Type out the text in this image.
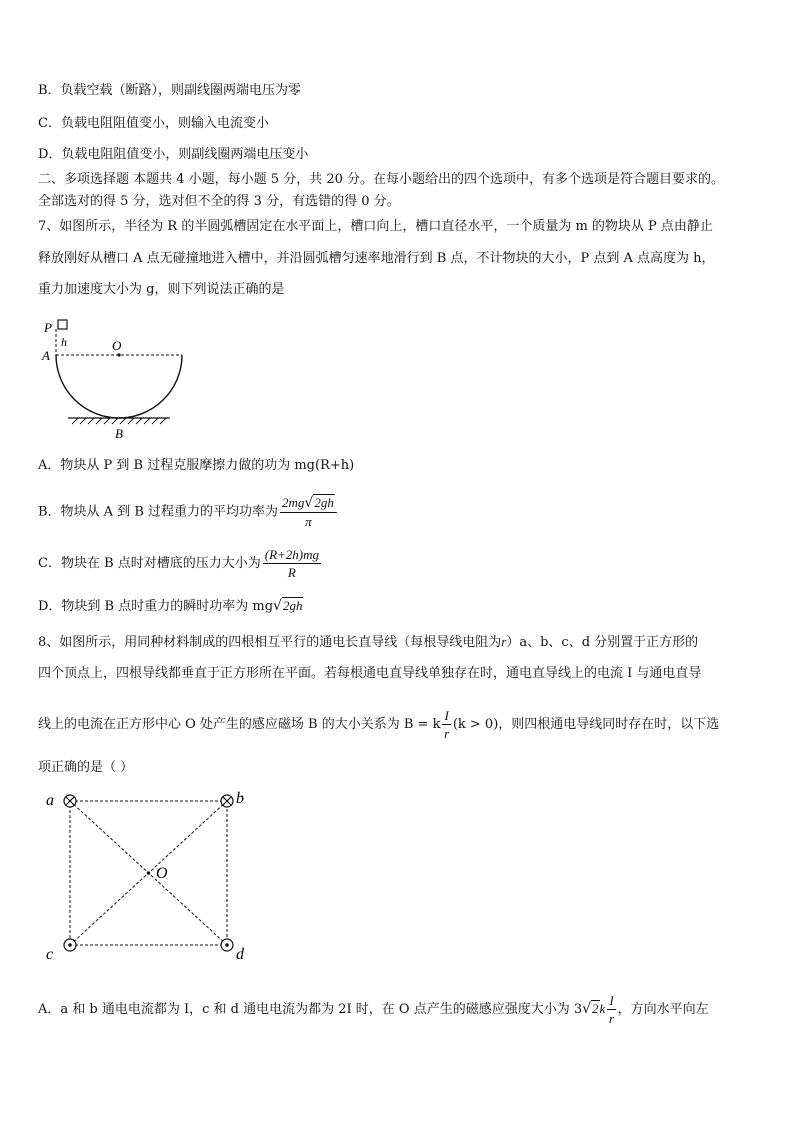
B．负载空载（断路），则副线圈两端电压为零
C．负载电阻阻值变小，则输入电流变小
D．负载电阻阻值变小，则副线圈两端电压变小
二、多项选择题 本题共 4 小题，每小题 5 分，共 20 分。在每小题给出的四个选项中，有多个选项是符合题目要求的。
全部选对的得 5 分，选对但不全的得 3 分，有选错的得 0 分。
7、如图所示，半径为 R 的半圆弧槽固定在水平面上，槽口向上，槽口直径水平，一个质量为 m 的物块从 P 点由静止
释放刚好从槽口 A 点无碰撞地进入槽中，并沿圆弧槽匀速率地滑行到 B 点，不计物块的大小，P 点到 A 点高度为 h，
重力加速度大小为 g，则下列说法正确的是
P
h
A
O
B
A．物块从 P 到 B 过程克服摩擦力做的功为 mg(R+h)
B．物块从 A 到 B 过程重力的平均功率为 $\frac{2mg√2gh}{\pi}$
C．物块在 B 点时对槽底的压力大小为 $\frac{(R+2h)mg}{R}$
D．物块到 B 点时重力的瞬时功率为 mg√2gh
8、如图所示，用同种材料制成的四根相互平行的通电长直导线（每根导线电阻为r）a、b、c、d 分别置于正方形的
四个顶点上，四根导线都垂直于正方形所在平面。若每根通电直导线单独存在时，通电直导线上的电流 I 与通电直导
线上的电流在正方形中心 O 处产生的感应磁场 B 的大小关系为 B = k $\frac{I}{r} (k > 0)$，则四根通电导线同时存在时，以下选
项正确的是（ ）
O
a	b
c	d
A．a 和 b 通电电流都为 I，c 和 d 通电电流为都为 2I 时，在 O 点产生的磁感应强度大小为 $3√2k \frac{I}{r}$ ，方向水平向左
